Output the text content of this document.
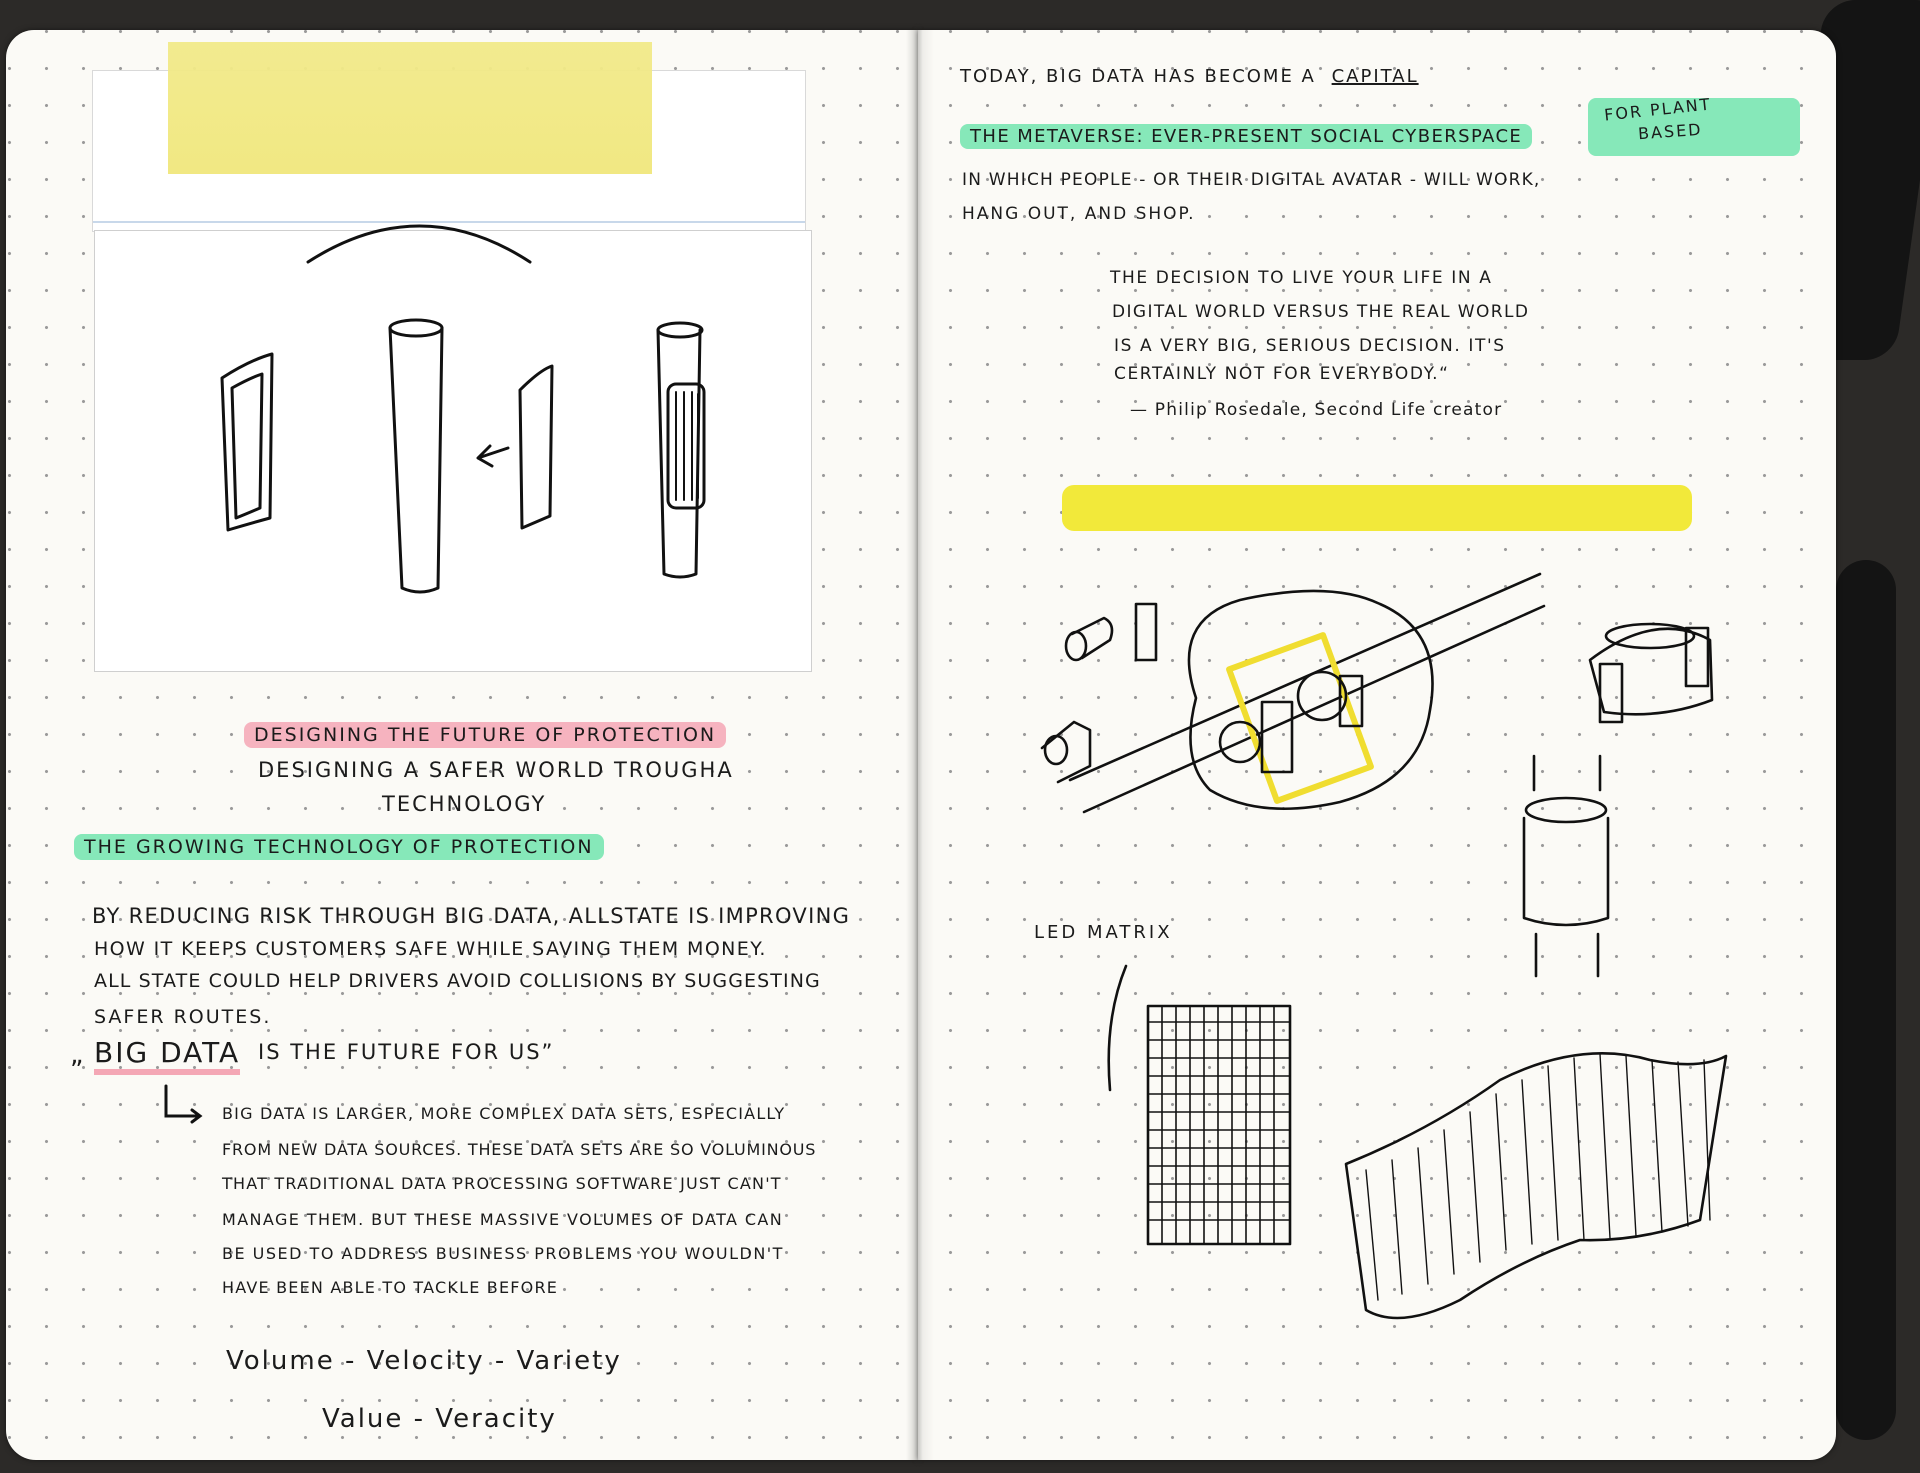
DESIGNING THE FUTURE OF PROTECTION
DESIGNING A SAFER WORLD TROUGHA
TECHNOLOGY
THE GROWING TECHNOLOGY OF PROTECTION
BY REDUCING RISK THROUGH BIG DATA, ALLSTATE IS IMPROVING
HOW IT KEEPS CUSTOMERS SAFE WHILE SAVING THEM MONEY.
ALL STATE COULD HELP DRIVERS AVOID COLLISIONS BY SUGGESTING
SAFER ROUTES.
„ BIG DATA IS THE FUTURE FOR US”
BIG DATA IS LARGER, MORE COMPLEX DATA SETS, ESPECIALLY
FROM NEW DATA SOURCES. THESE DATA SETS ARE SO VOLUMINOUS
THAT TRADITIONAL DATA PROCESSING SOFTWARE JUST CAN'T
MANAGE THEM. BUT THESE MASSIVE VOLUMES OF DATA CAN
BE USED TO ADDRESS BUSINESS PROBLEMS YOU WOULDN'T
HAVE BEEN ABLE TO TACKLE BEFORE
Volume - Velocity - Variety
Value - Veracity
TODAY, BIG DATA HAS BECOME A CAPITAL
THE METAVERSE: EVER-PRESENT SOCIAL CYBERSPACE
FOR PLANT
BASED
IN WHICH PEOPLE - OR THEIR DIGITAL AVATAR - WILL WORK,
HANG OUT, AND SHOP.
THE DECISION TO LIVE YOUR LIFE IN A
DIGITAL WORLD VERSUS THE REAL WORLD
IS A VERY BIG, SERIOUS DECISION. IT'S
CERTAINLY NOT FOR EVERYBODY.“
— Philip Rosedale, Second Life creator
LED MATRIX
